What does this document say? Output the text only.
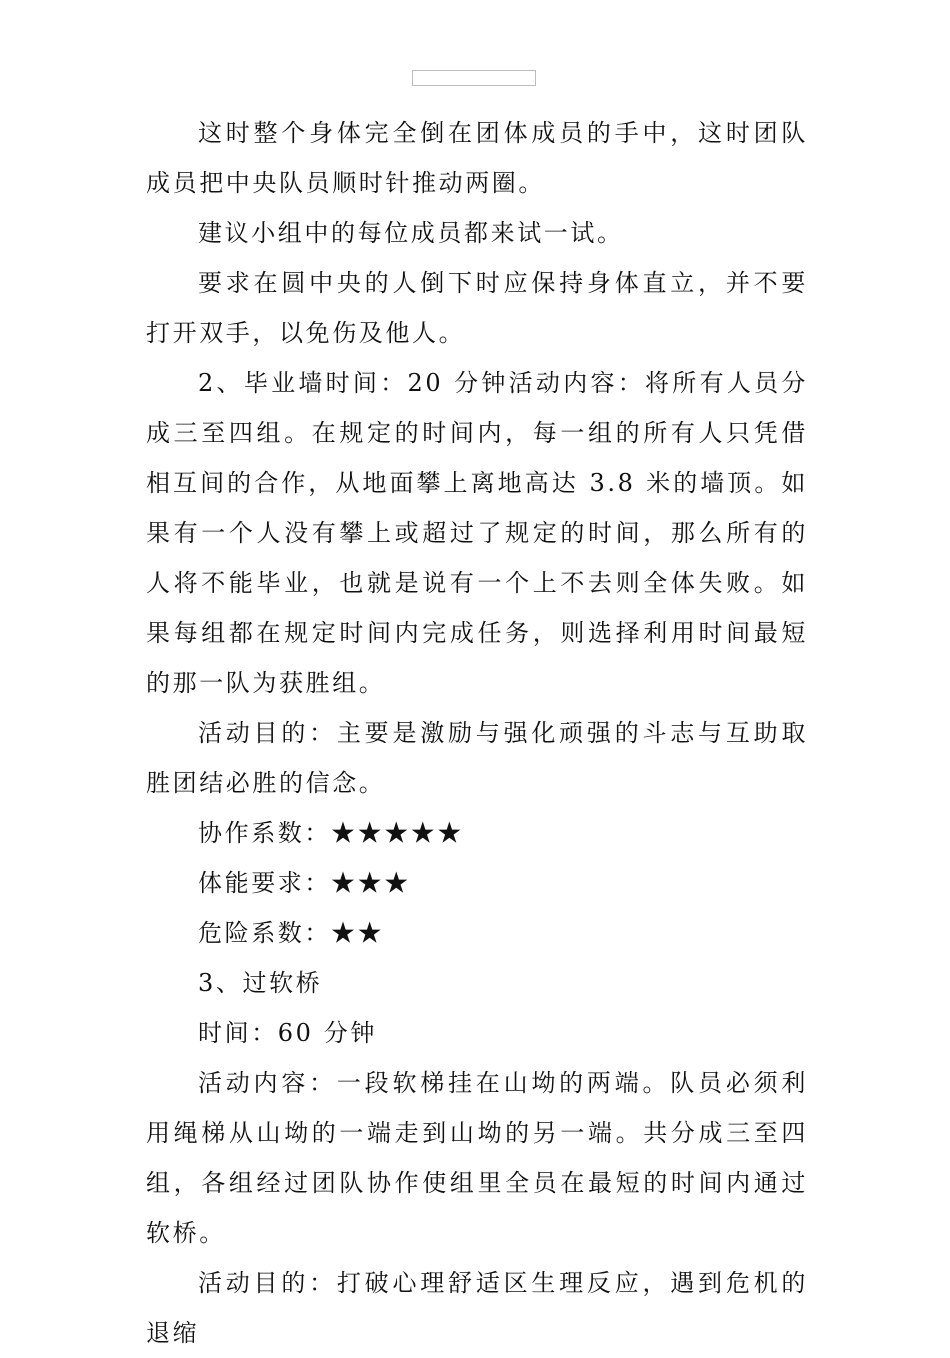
这时整个身体完全倒在团体成员的手中，这时团队成员把中央队员顺时针推动两圈。

建议小组中的每位成员都来试一试。

要求在圆中央的人倒下时应保持身体直立，并不要打开双手，以免伤及他人。

2、毕业墙时间：20 分钟活动内容：将所有人员分成三至四组。在规定的时间内，每一组的所有人只凭借相互间的合作，从地面攀上离地高达 3.8 米的墙顶。如果有一个人没有攀上或超过了规定的时间，那么所有的人将不能毕业，也就是说有一个上不去则全体失败。如果每组都在规定时间内完成任务，则选择利用时间最短的那一队为获胜组。

活动目的：主要是激励与强化顽强的斗志与互助取胜团结必胜的信念。

协作系数：★★★★★

体能要求：★★★

危险系数：★★

3、过软桥

时间：60 分钟

活动内容：一段软梯挂在山坳的两端。队员必须利用绳梯从山坳的一端走到山坳的另一端。共分成三至四组，各组经过团队协作使组里全员在最短的时间内通过软桥。

活动目的：打破心理舒适区生理反应，遇到危机的退缩
